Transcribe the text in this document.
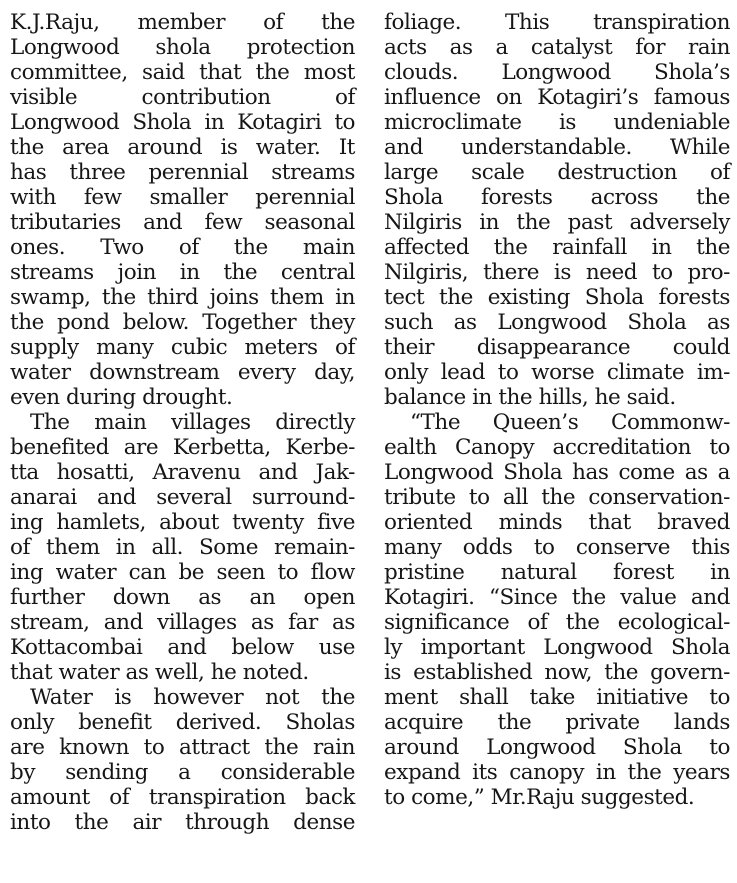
K.J.Raju, member of the
Longwood shola protection
committee, said that the most
visible contribution of
Longwood Shola in Kotagiri to
the area around is water. It
has three perennial streams
with few smaller perennial
tributaries and few seasonal
ones. Two of the main
streams join in the central
swamp, the third joins them in
the pond below. Together they
supply many cubic meters of
water downstream every day,
even during drought.
The main villages directly
benefited are Kerbetta, Kerbe-
tta hosatti, Aravenu and Jak-
anarai and several surround-
ing hamlets, about twenty five
of them in all. Some remain-
ing water can be seen to flow
further down as an open
stream, and villages as far as
Kottacombai and below use
that water as well, he noted.
Water is however not the
only benefit derived. Sholas
are known to attract the rain
by sending a considerable
amount of transpiration back
into the air through dense
foliage. This transpiration
acts as a catalyst for rain
clouds. Longwood Shola’s
influence on Kotagiri’s famous
microclimate is undeniable
and understandable. While
large scale destruction of
Shola forests across the
Nilgiris in the past adversely
affected the rainfall in the
Nilgiris, there is need to pro-
tect the existing Shola forests
such as Longwood Shola as
their disappearance could
only lead to worse climate im-
balance in the hills, he said.
“The Queen’s Commonw-
ealth Canopy accreditation to
Longwood Shola has come as a
tribute to all the conservation-
oriented minds that braved
many odds to conserve this
pristine natural forest in
Kotagiri. “Since the value and
significance of the ecological-
ly important Longwood Shola
is established now, the govern-
ment shall take initiative to
acquire the private lands
around Longwood Shola to
expand its canopy in the years
to come,” Mr.Raju suggested.
